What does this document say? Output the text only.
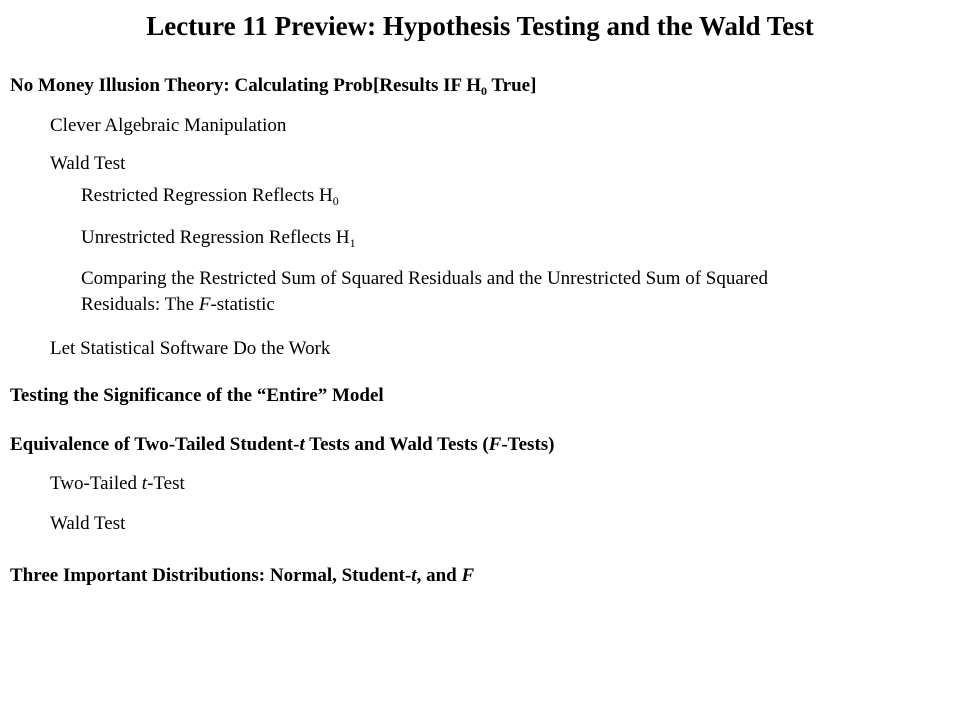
Lecture 11 Preview: Hypothesis Testing and the Wald Test
No Money Illusion Theory: Calculating Prob[Results IF $H_0$ True]
Clever Algebraic Manipulation
Wald Test
Restricted Regression Reflects $H_0$
Unrestricted Regression Reflects $H_1$
Comparing the Restricted Sum of Squared Residuals and the Unrestricted Sum of Squared
Residuals: The F-statistic
Let Statistical Software Do the Work
Testing the Significance of the “Entire” Model
Equivalence of Two-Tailed Student-t Tests and Wald Tests (F-Tests)
Two-Tailed t-Test
Wald Test
Three Important Distributions: Normal, Student-t, and F
